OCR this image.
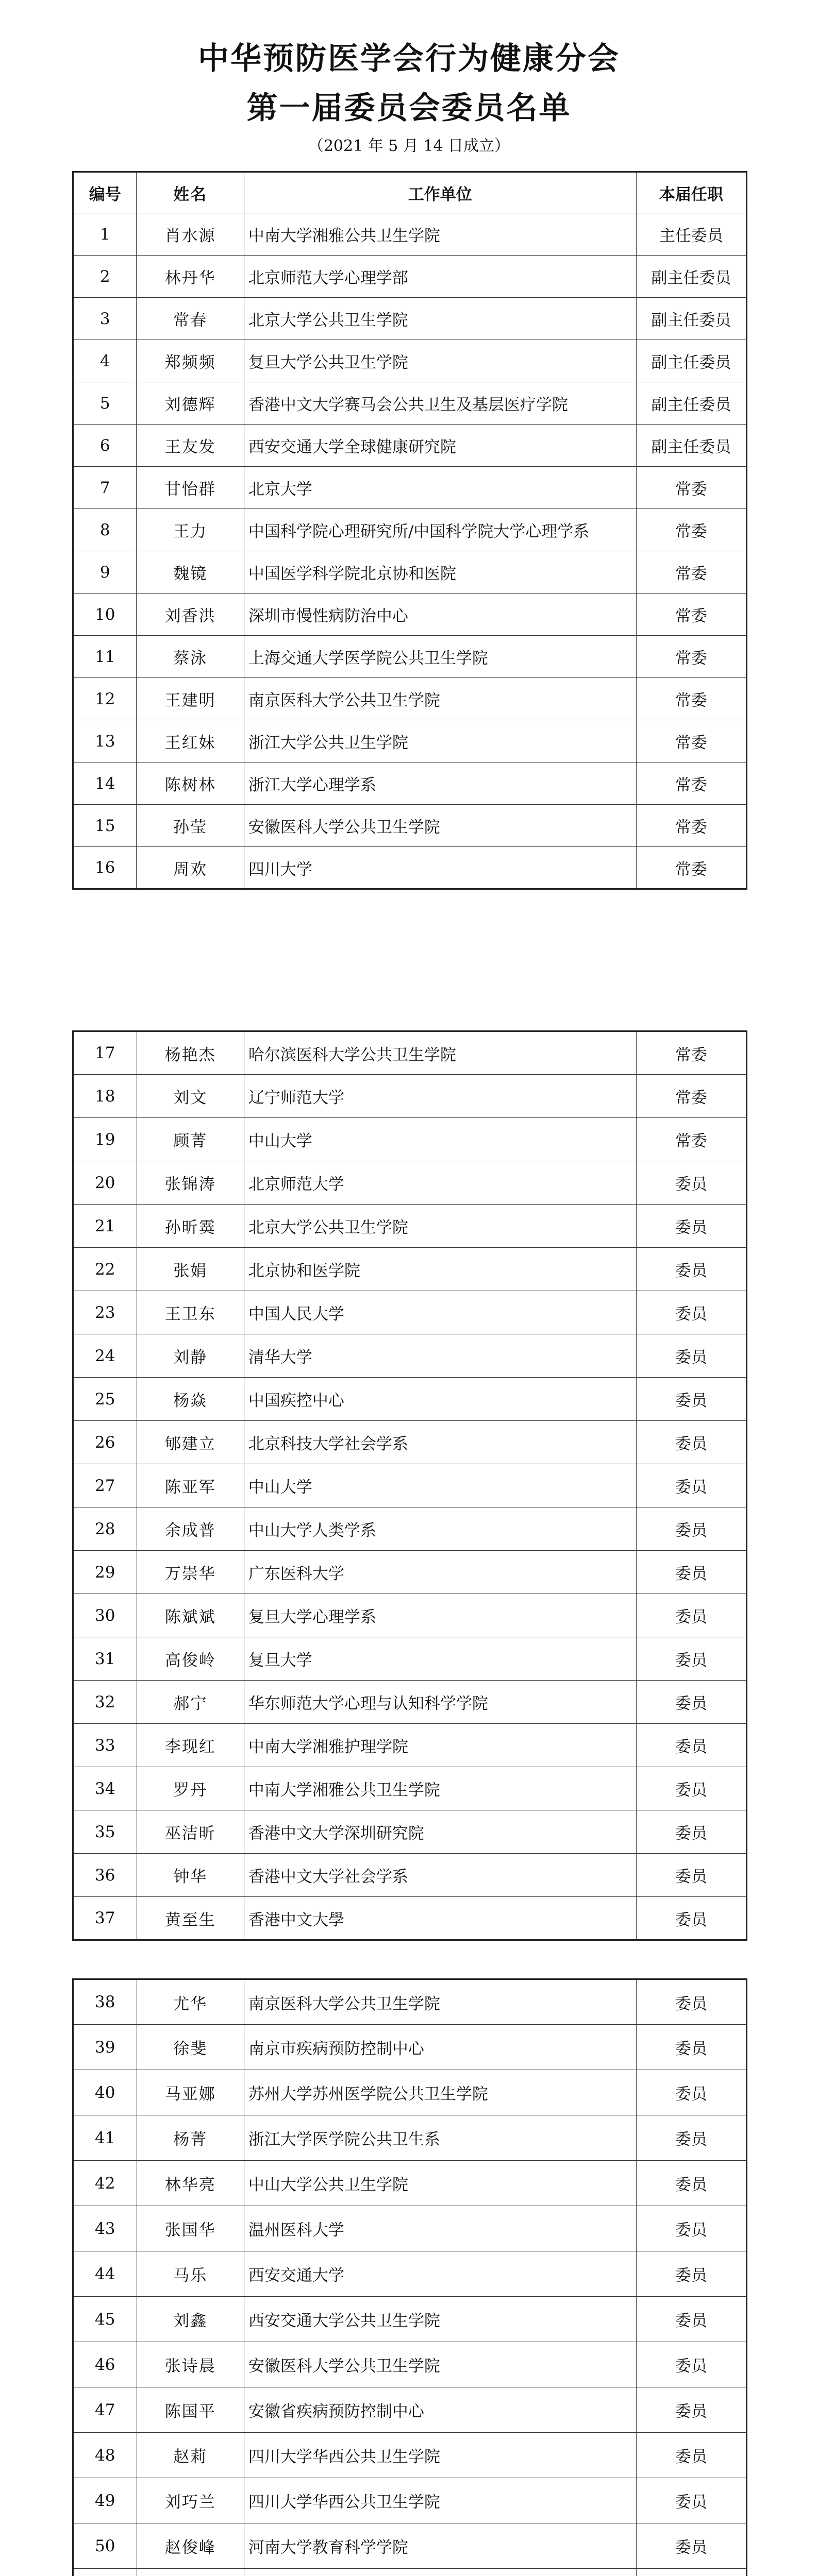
中华预防医学会行为健康分会
第一届委员会委员名单
（2021 年 5 月 14 日成立）
编号	姓名	工作单位	本届任职
1	肖水源	中南大学湘雅公共卫生学院	主任委员
2	林丹华	北京师范大学心理学部	副主任委员
3	常春	北京大学公共卫生学院	副主任委员
4	郑频频	复旦大学公共卫生学院	副主任委员
5	刘德辉	香港中文大学赛马会公共卫生及基层医疗学院	副主任委员
6	王友发	西安交通大学全球健康研究院	副主任委员
7	甘怡群	北京大学	常委
8	王力	中国科学院心理研究所/中国科学院大学心理学系	常委
9	魏镜	中国医学科学院北京协和医院	常委
10	刘香洪	深圳市慢性病防治中心	常委
11	蔡泳	上海交通大学医学院公共卫生学院	常委
12	王建明	南京医科大学公共卫生学院	常委
13	王红妹	浙江大学公共卫生学院	常委
14	陈树林	浙江大学心理学系	常委
15	孙莹	安徽医科大学公共卫生学院	常委
16	周欢	四川大学	常委
17	杨艳杰	哈尔滨医科大学公共卫生学院	常委
18	刘文	辽宁师范大学	常委
19	顾菁	中山大学	常委
20	张锦涛	北京师范大学	委员
21	孙昕霙	北京大学公共卫生学院	委员
22	张娟	北京协和医学院	委员
23	王卫东	中国人民大学	委员
24	刘静	清华大学	委员
25	杨焱	中国疾控中心	委员
26	郇建立	北京科技大学社会学系	委员
27	陈亚军	中山大学	委员
28	余成普	中山大学人类学系	委员
29	万崇华	广东医科大学	委员
30	陈斌斌	复旦大学心理学系	委员
31	高俊岭	复旦大学	委员
32	郝宁	华东师范大学心理与认知科学学院	委员
33	李现红	中南大学湘雅护理学院	委员
34	罗丹	中南大学湘雅公共卫生学院	委员
35	巫洁昕	香港中文大学深圳研究院	委员
36	钟华	香港中文大学社会学系	委员
37	黄至生	香港中文大學	委员
38	尤华	南京医科大学公共卫生学院	委员
39	徐斐	南京市疾病预防控制中心	委员
40	马亚娜	苏州大学苏州医学院公共卫生学院	委员
41	杨菁	浙江大学医学院公共卫生系	委员
42	林华亮	中山大学公共卫生学院	委员
43	张国华	温州医科大学	委员
44	马乐	西安交通大学	委员
45	刘鑫	西安交通大学公共卫生学院	委员
46	张诗晨	安徽医科大学公共卫生学院	委员
47	陈国平	安徽省疾病预防控制中心	委员
48	赵莉	四川大学华西公共卫生学院	委员
49	刘巧兰	四川大学华西公共卫生学院	委员
50	赵俊峰	河南大学教育科学学院	委员
